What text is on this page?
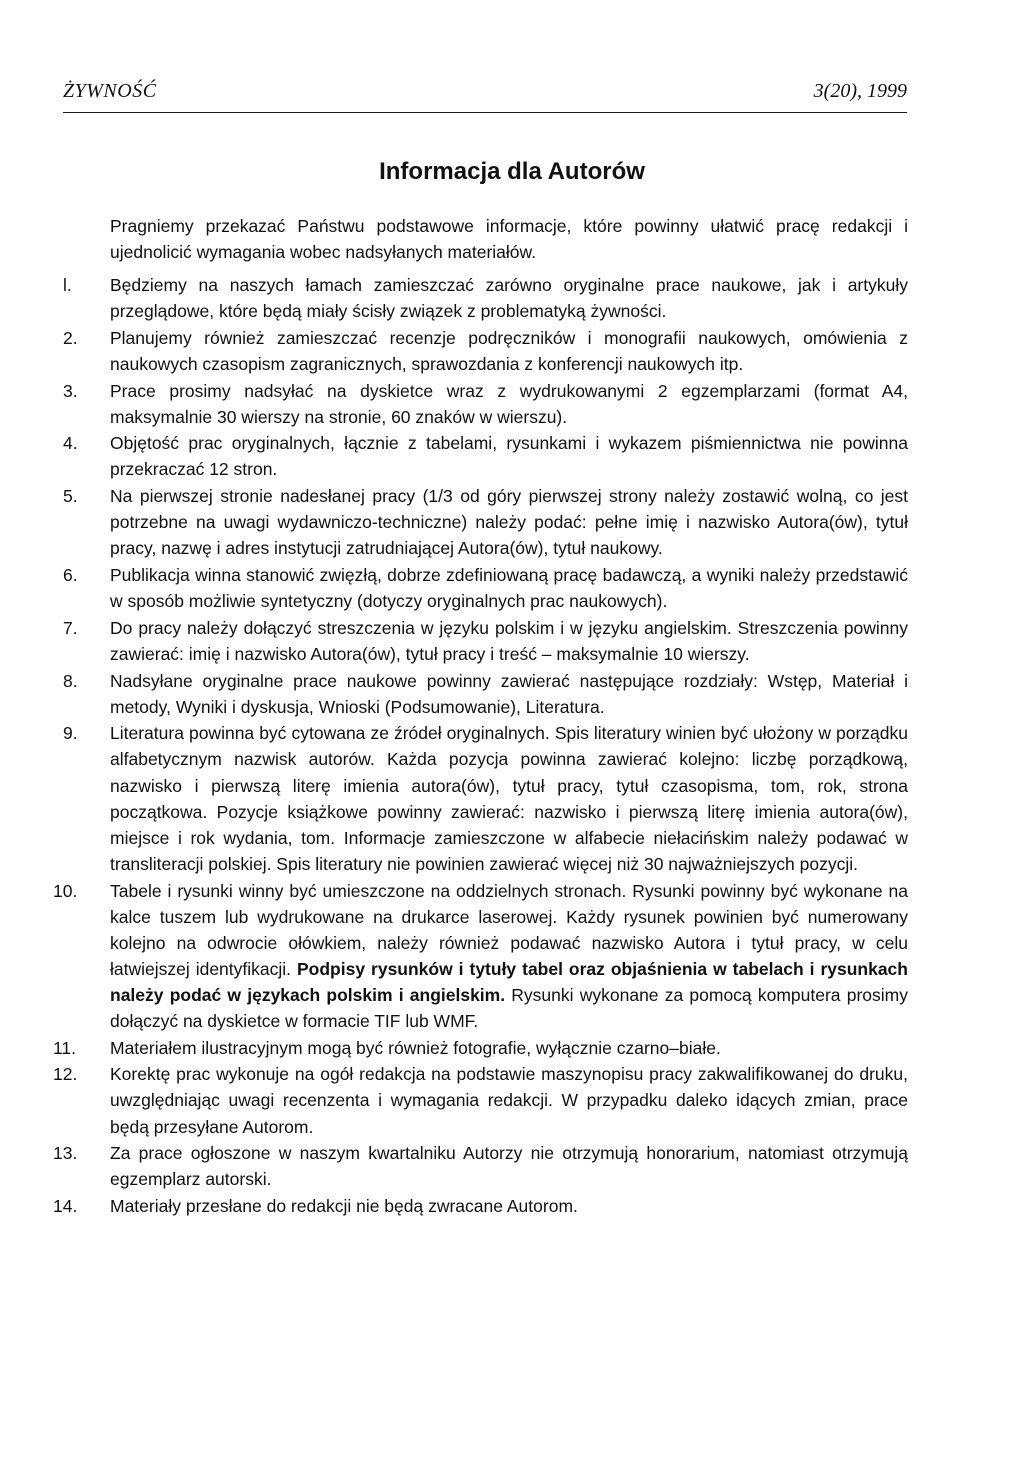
ŻYWNOŚĆ	3(20), 1999
Informacja dla Autorów
Pragniemy przekazać Państwu podstawowe informacje, które powinny ułatwić pracę redakcji i ujednolicić wymagania wobec nadsyłanych materiałów.
l.	Będziemy na naszych łamach zamieszczać zarówno oryginalne prace naukowe, jak i artykuły przeglądowe, które będą miały ścisły związek z problematyką żywności.
2.	Planujemy również zamieszczać recenzje podręczników i monografii naukowych, omówienia z naukowych czasopism zagranicznych, sprawozdania z konferencji naukowych itp.
3.	Prace prosimy nadsyłać na dyskietce wraz z wydrukowanymi 2 egzemplarzami (format A4, maksymalnie 30 wierszy na stronie, 60 znaków w wierszu).
4.	Objętość prac oryginalnych, łącznie z tabelami, rysunkami i wykazem piśmiennictwa nie powinna przekraczać 12 stron.
5.	Na pierwszej stronie nadesłanej pracy (1/3 od góry pierwszej strony należy zostawić wolną, co jest potrzebne na uwagi wydawniczo-techniczne) należy podać: pełne imię i nazwisko Autora(ów), tytuł pracy, nazwę i adres instytucji zatrudniającej Autora(ów), tytuł naukowy.
6.	Publikacja winna stanowić zwięzłą, dobrze zdefiniowaną pracę badawczą, a wyniki należy przedstawić w sposób możliwie syntetyczny (dotyczy oryginalnych prac naukowych).
7.	Do pracy należy dołączyć streszczenia w języku polskim i w języku angielskim. Streszczenia powinny zawierać: imię i nazwisko Autora(ów), tytuł pracy i treść – maksymalnie 10 wierszy.
8.	Nadsyłane oryginalne prace naukowe powinny zawierać następujące rozdziały: Wstęp, Materiał i metody, Wyniki i dyskusja, Wnioski (Podsumowanie), Literatura.
9.	Literatura powinna być cytowana ze źródeł oryginalnych. Spis literatury winien być ułożony w porządku alfabetycznym nazwisk autorów. Każda pozycja powinna zawierać kolejno: liczbę porządkową, nazwisko i pierwszą literę imienia autora(ów), tytuł pracy, tytuł czasopisma, tom, rok, strona początkowa. Pozycje książkowe powinny zawierać: nazwisko i pierwszą literę imienia autora(ów), miejsce i rok wydania, tom. Informacje zamieszczone w alfabecie niełacińskim należy podawać w transliteracji polskiej. Spis literatury nie powinien zawierać więcej niż 30 najważniejszych pozycji.
10.	Tabele i rysunki winny być umieszczone na oddzielnych stronach. Rysunki powinny być wykonane na kalce tuszem lub wydrukowane na drukarce laserowej. Każdy rysunek powinien być numerowany kolejno na odwrocie ołówkiem, należy również podawać nazwisko Autora i tytuł pracy, w celu łatwiejszej identyfikacji. Podpisy rysunków i tytuły tabel oraz objaśnienia w tabelach i rysunkach należy podać w językach polskim i angielskim. Rysunki wykonane za pomocą komputera prosimy dołączyć na dyskietce w formacie TIF lub WMF.
11.	Materiałem ilustracyjnym mogą być również fotografie, wyłącznie czarno–białe.
12.	Korektę prac wykonuje na ogół redakcja na podstawie maszynopisu pracy zakwalifikowanej do druku, uwzględniając uwagi recenzenta i wymagania redakcji. W przypadku daleko idących zmian, prace będą przesyłane Autorom.
13.	Za prace ogłoszone w naszym kwartalniku Autorzy nie otrzymują honorarium, natomiast otrzymują egzemplarz autorski.
14.	Materiały przesłane do redakcji nie będą zwracane Autorom.
